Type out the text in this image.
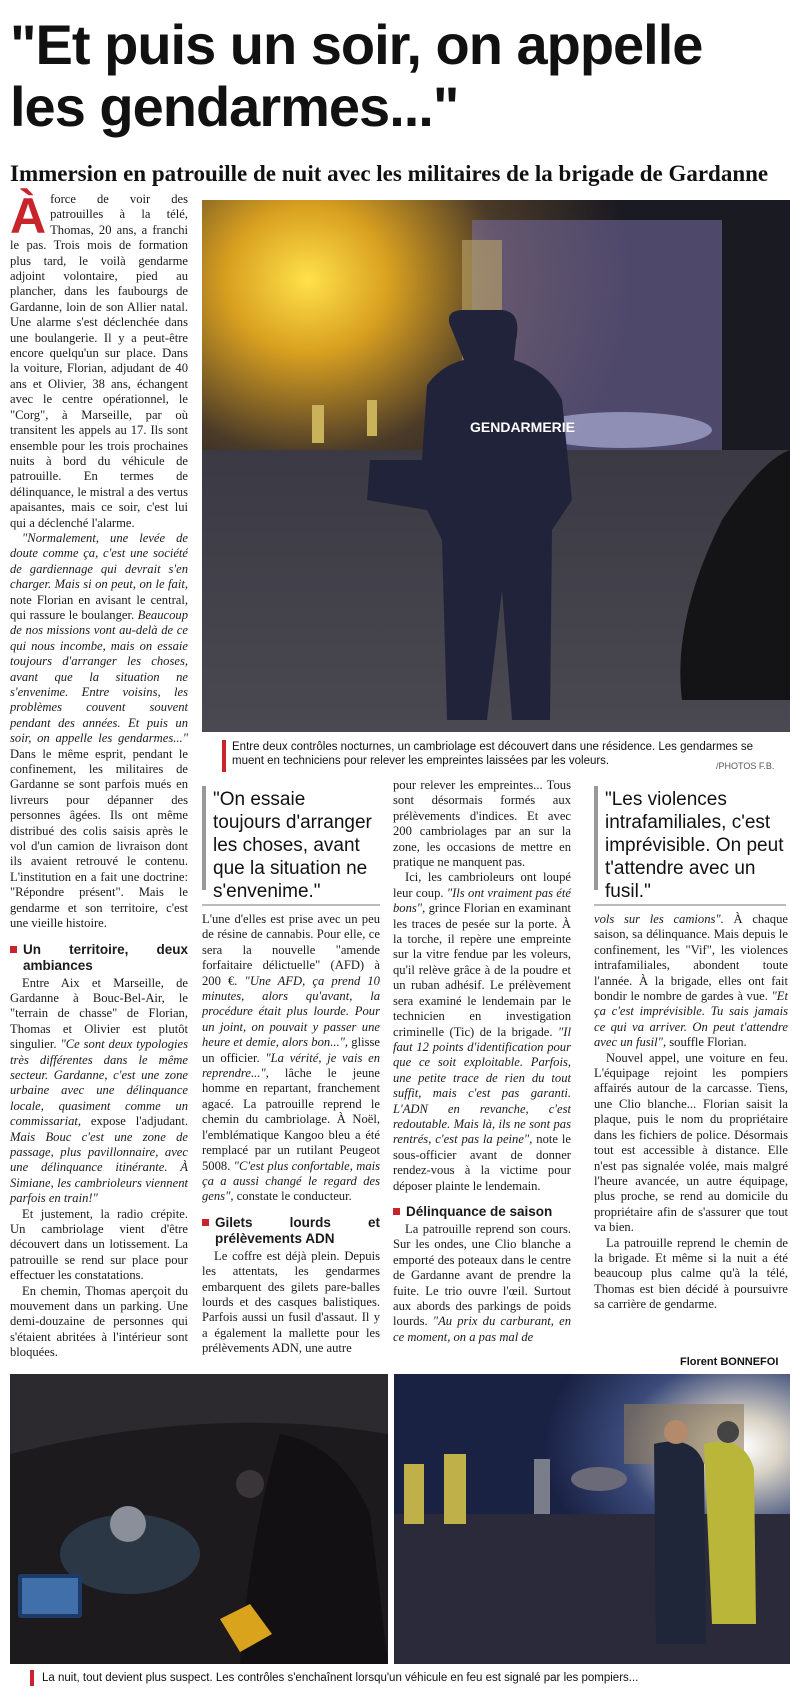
"Et puis un soir, on appelle les gendarmes..."
Immersion en patrouille de nuit avec les militaires de la brigade de Gardanne

Àforce de voir des patrouilles à la télé, Thomas, 20 ans, a franchi le pas. Trois mois de formation plus tard, le voilà gendarme adjoint volontaire, pied au plancher, dans les faubourgs de Gardanne, loin de son Allier natal. Une alarme s'est déclenchée dans une boulangerie. Il y a peut-être encore quelqu'un sur place. Dans la voiture, Florian, adjudant de 40 ans et Olivier, 38 ans, échangent avec le centre opérationnel, le "Corg", à Marseille, par où transitent les appels au 17. Ils sont ensemble pour les trois prochaines nuits à bord du véhicule de patrouille. En termes de délinquance, le mistral a des vertus apaisantes, mais ce soir, c'est lui qui a déclenché l'alarme.

"Normalement, une levée de doute comme ça, c'est une société de gardiennage qui devrait s'en charger. Mais si on peut, on le fait, note Florian en avisant le central, qui rassure le boulanger. Beaucoup de nos missions vont au-delà de ce qui nous incombe, mais on essaie toujours d'arranger les choses, avant que la situation ne s'envenime. Entre voisins, les problèmes couvent souvent pendant des années. Et puis un soir, on appelle les gendarmes..." Dans le même esprit, pendant le confinement, les militaires de Gardanne se sont parfois mués en livreurs pour dépanner des personnes âgées. Ils ont même distribué des colis saisis après le vol d'un camion de livraison dont ils avaient retrouvé le contenu. L'institution en a fait une doctrine: "Répondre présent". Mais le gendarme et son territoire, c'est une vieille histoire.

Un territoire, deux ambiances

Entre Aix et Marseille, de Gardanne à Bouc-Bel-Air, le "terrain de chasse" de Florian, Thomas et Olivier est plutôt singulier. "Ce sont deux typologies très différentes dans le même secteur. Gardanne, c'est une zone urbaine avec une délinquance locale, quasiment comme un commissariat, expose l'adjudant. Mais Bouc c'est une zone de passage, plus pavillonnaire, avec une délinquance itinérante. À Simiane, les cambrioleurs viennent parfois en train!"

Et justement, la radio crépite. Un cambriolage vient d'être découvert dans un lotissement. La patrouille se rend sur place pour effectuer les constatations.

En chemin, Thomas aperçoit du mouvement dans un parking. Une demi-douzaine de personnes qui s'étaient abritées à l'intérieur sont bloquées.

GENDARMERIE
Entre deux contrôles nocturnes, un cambriolage est découvert dans une résidence. Les gendarmes se muent en techniciens pour relever les empreintes laissées par les voleurs.	/PHOTOS F.B.
"On essaie toujours d'arranger les choses, avant que la situation ne s'envenime."

L'une d'elles est prise avec un peu de résine de cannabis. Pour elle, ce sera la nouvelle "amende forfaitaire délictuelle" (AFD) à 200 €. "Une AFD, ça prend 10 minutes, alors qu'avant, la procédure était plus lourde. Pour un joint, on pouvait y passer une heure et demie, alors bon...", glisse un officier. "La vérité, je vais en reprendre...", lâche le jeune homme en repartant, franchement agacé. La patrouille reprend le chemin du cambriolage. À Noël, l'emblématique Kangoo bleu a été remplacé par un rutilant Peugeot 5008. "C'est plus confortable, mais ça a aussi changé le regard des gens", constate le conducteur.

Gilets lourds et prélèvements ADN

Le coffre est déjà plein. Depuis les attentats, les gendarmes embarquent des gilets pare-balles lourds et des casques balistiques. Parfois aussi un fusil d'assaut. Il y a également la mallette pour les prélèvements ADN, une autre

pour relever les empreintes... Tous sont désormais formés aux prélèvements d'indices. Et avec 200 cambriolages par an sur la zone, les occasions de mettre en pratique ne manquent pas.

Ici, les cambrioleurs ont loupé leur coup. "Ils ont vraiment pas été bons", grince Florian en examinant les traces de pesée sur la porte. À la torche, il repère une empreinte sur la vitre fendue par les voleurs, qu'il relève grâce à de la poudre et un ruban adhésif. Le prélèvement sera examiné le lendemain par le technicien en investigation criminelle (Tic) de la brigade. "Il faut 12 points d'identification pour que ce soit exploitable. Parfois, une petite trace de rien du tout suffit, mais c'est pas garanti. L'ADN en revanche, c'est redoutable. Mais là, ils ne sont pas rentrés, c'est pas la peine", note le sous-officier avant de donner rendez-vous à la victime pour déposer plainte le lendemain.

Délinquance de saison

La patrouille reprend son cours. Sur les ondes, une Clio blanche a emporté des poteaux dans le centre de Gardanne avant de prendre la fuite. Le trio ouvre l'œil. Surtout aux abords des parkings de poids lourds. "Au prix du carburant, en ce moment, on a pas mal de

"Les violences intrafamiliales, c'est imprévisible. On peut t'attendre avec un fusil."

vols sur les camions". À chaque saison, sa délinquance. Mais depuis le confinement, les "Vif", les violences intrafamiliales, abondent toute l'année. À la brigade, elles ont fait bondir le nombre de gardes à vue. "Et ça c'est imprévisible. Tu sais jamais ce qui va arriver. On peut t'attendre avec un fusil", souffle Florian.

Nouvel appel, une voiture en feu. L'équipage rejoint les pompiers affairés autour de la carcasse. Tiens, une Clio blanche... Florian saisit la plaque, puis le nom du propriétaire dans les fichiers de police. Désormais tout est accessible à distance. Elle n'est pas signalée volée, mais malgré l'heure avancée, un autre équipage, plus proche, se rend au domicile du propriétaire afin de s'assurer que tout va bien.

La patrouille reprend le chemin de la brigade. Et même si la nuit a été beaucoup plus calme qu'à la télé, Thomas est bien décidé à poursuivre sa carrière de gendarme.

Florent BONNEFOI
La nuit, tout devient plus suspect. Les contrôles s'enchaînent lorsqu'un véhicule en feu est signalé par les pompiers...
